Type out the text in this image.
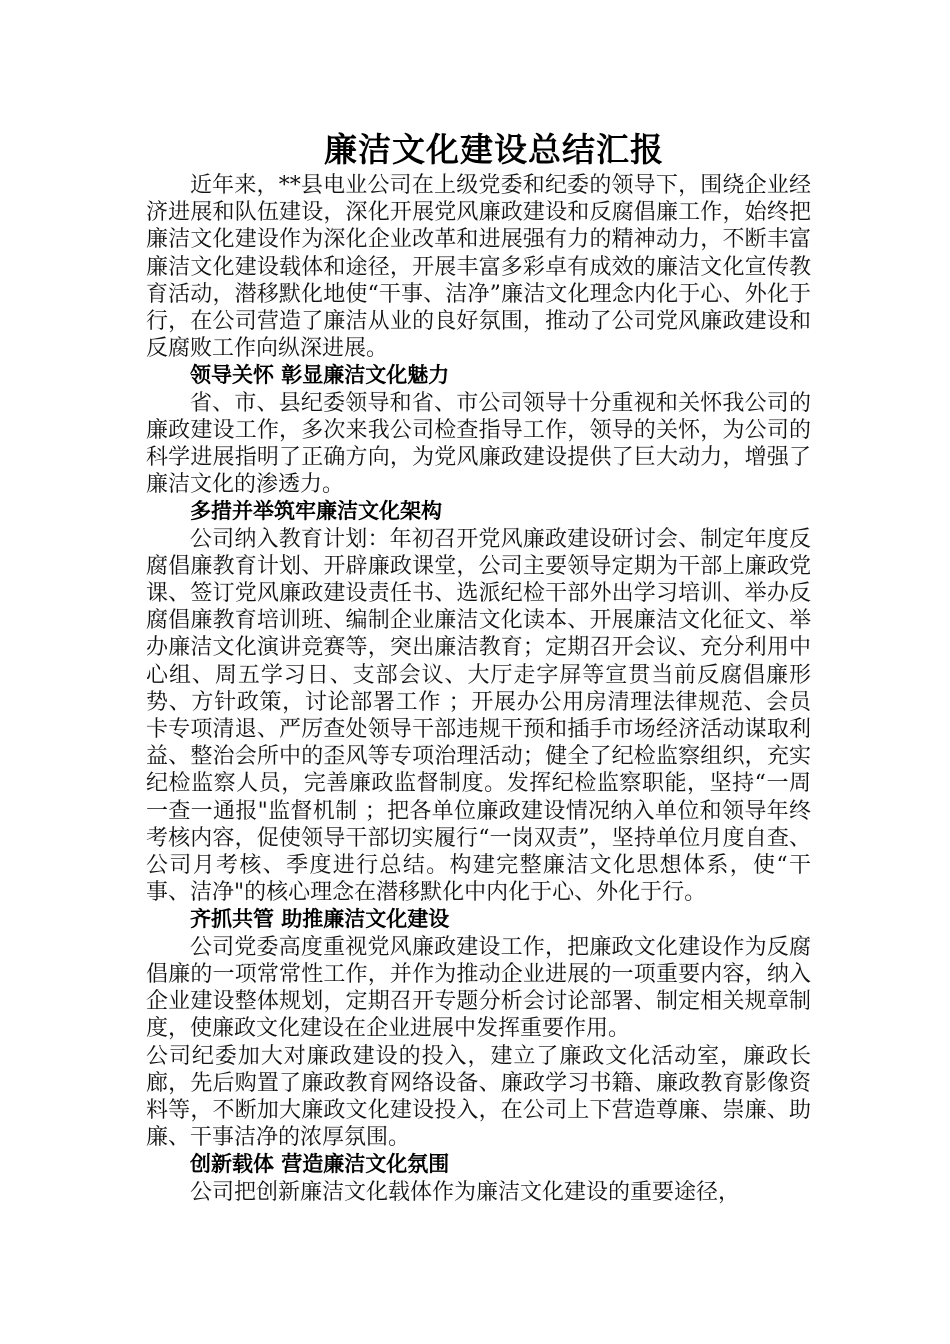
廉洁文化建设总结汇报

近年来，**县电业公司在上级党委和纪委的领导下，围绕企业经济进展和队伍建设，深化开展党风廉政建设和反腐倡廉工作，始终把廉洁文化建设作为深化企业改革和进展强有力的精神动力，不断丰富廉洁文化建设载体和途径，开展丰富多彩卓有成效的廉洁文化宣传教育活动，潜移默化地使“干事、洁净”廉洁文化理念内化于心、外化于行，在公司营造了廉洁从业的良好氛围，推动了公司党风廉政建设和反腐败工作向纵深进展。

领导关怀 彰显廉洁文化魅力

省、市、县纪委领导和省、市公司领导十分重视和关怀我公司的廉政建设工作，多次来我公司检查指导工作，领导的关怀，为公司的科学进展指明了正确方向，为党风廉政建设提供了巨大动力，增强了廉洁文化的渗透力。

多措并举筑牢廉洁文化架构

公司纳入教育计划：年初召开党风廉政建设研讨会、制定年度反腐倡廉教育计划、开辟廉政课堂，公司主要领导定期为干部上廉政党课、签订党风廉政建设责任书、选派纪检干部外出学习培训、举办反腐倡廉教育培训班、编制企业廉洁文化读本、开展廉洁文化征文、举办廉洁文化演讲竞赛等，突出廉洁教育；定期召开会议、充分利用中心组、周五学习日、支部会议、大厅走字屏等宣贯当前反腐倡廉形势、方针政策，讨论部署工作 ；开展办公用房清理法律规范、会员卡专项清退、严厉查处领导干部违规干预和插手市场经济活动谋取利益、整治会所中的歪风等专项治理活动；健全了纪检监察组织，充实纪检监察人员，完善廉政监督制度。发挥纪检监察职能，坚持“一周一查一通报"监督机制 ；把各单位廉政建设情况纳入单位和领导年终考核内容，促使领导干部切实履行“一岗双责”，坚持单位月度自查、公司月考核、季度进行总结。构建完整廉洁文化思想体系，使“干事、洁净"的核心理念在潜移默化中内化于心、外化于行。

齐抓共管 助推廉洁文化建设

公司党委高度重视党风廉政建设工作，把廉政文化建设作为反腐倡廉的一项常常性工作，并作为推动企业进展的一项重要内容，纳入企业建设整体规划，定期召开专题分析会讨论部署、制定相关规章制度，使廉政文化建设在企业进展中发挥重要作用。

公司纪委加大对廉政建设的投入，建立了廉政文化活动室，廉政长廊，先后购置了廉政教育网络设备、廉政学习书籍、廉政教育影像资料等，不断加大廉政文化建设投入，在公司上下营造尊廉、崇廉、助廉、干事洁净的浓厚氛围。

创新载体 营造廉洁文化氛围

公司把创新廉洁文化载体作为廉洁文化建设的重要途径，
